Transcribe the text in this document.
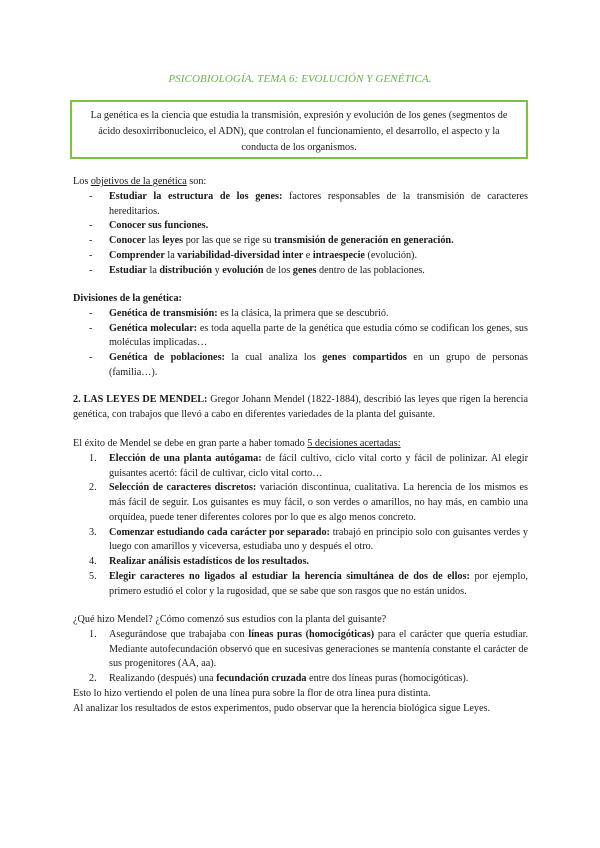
PSICOBIOLOGÍA. TEMA 6: EVOLUCIÓN Y GENÉTICA.
La genética es la ciencia que estudia la transmisión, expresión y evolución de los genes (segmentos de ácido desoxirribonucleico, el ADN), que controlan el funcionamiento, el desarrollo, el aspecto y la conducta de los organismos.
Los objetivos de la genética son:
- Estudiar la estructura de los genes: factores responsables de la transmisión de caracteres hereditarios.
- Conocer sus funciones.
- Conocer las leyes por las que se rige su transmisión de generación en generación.
- Comprender la variabilidad-diversidad inter e intraespecie (evolución).
- Estudiar la distribución y evolución de los genes dentro de las poblaciones.
Divisiones de la genética:
- Genética de transmisión: es la clásica, la primera que se descubrió.
- Genética molecular: es toda aquella parte de la genética que estudia cómo se codifican los genes, sus moléculas implicadas…
- Genética de poblaciones: la cual analiza los genes compartidos en un grupo de personas (familia…).
2. LAS LEYES DE MENDEL: Gregor Johann Mendel (1822-1884), describió las leyes que rigen la herencia genética, con trabajos que llevó a cabo en diferentes variedades de la planta del guisante.
El éxito de Mendel se debe en gran parte a haber tomado 5 decisiones acertadas:
1. Elección de una planta autógama: de fácil cultivo, ciclo vital corto y fácil de polinizar. Al elegir guisantes acertó: fácil de cultivar, ciclo vital corto…
2. Selección de caracteres discretos: variación discontinua, cualitativa. La herencia de los mismos es más fácil de seguir. Los guisantes es muy fácil, o son verdes o amarillos, no hay más, en cambio una orquídea, puede tener diferentes colores por lo que es algo menos concreto.
3. Comenzar estudiando cada carácter por separado: trabajó en principio solo con guisantes verdes y luego con amarillos y viceversa, estudiaba uno y después el otro.
4. Realizar análisis estadísticos de los resultados.
5. Elegir caracteres no ligados al estudiar la herencia simultánea de dos de ellos: por ejemplo, primero estudió el color y la rugosidad, que se sabe que son rasgos que no están unidos.
¿Qué hizo Mendel? ¿Cómo comenzó sus estudios con la planta del guisante?
1. Asegurándose que trabajaba con líneas puras (homocigóticas) para el carácter que quería estudiar. Mediante autofecundación observó que en sucesivas generaciones se mantenía constante el carácter de sus progenitores (AA, aa).
2. Realizando (después) una fecundación cruzada entre dos líneas puras (homocigóticas).
Esto lo hizo vertiendo el polen de una línea pura sobre la flor de otra línea pura distinta.
Al analizar los resultados de estos experimentos, pudo observar que la herencia biológica sigue Leyes.
